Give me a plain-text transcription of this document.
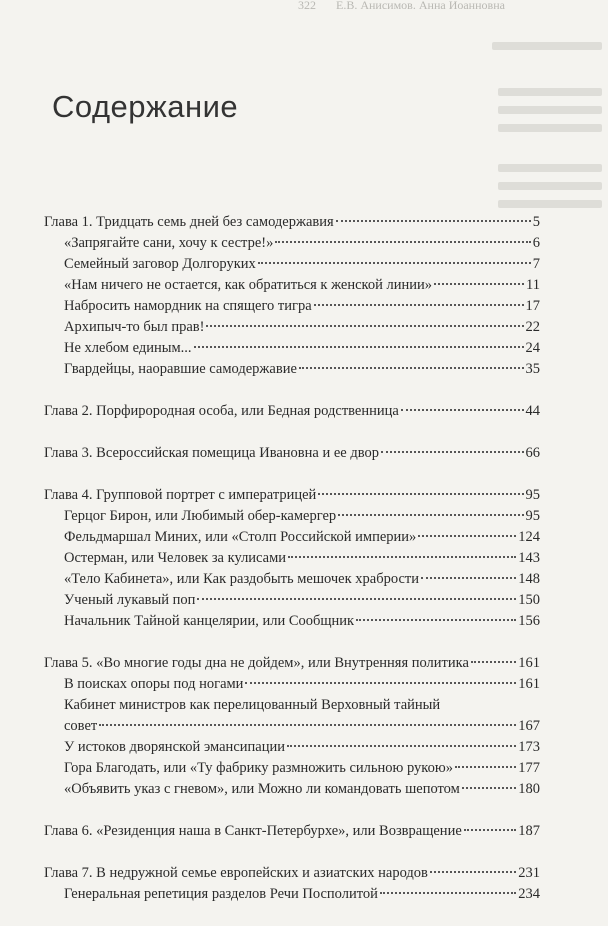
322 Е.В. Анисимов. Анна Иоанновна
Содержание
Глава 1. Тридцать семь дней без самодержавия	5
«Запрягайте сани, хочу к сестре!»	6
Семейный заговор Долгоруких	7
«Нам ничего не остается, как обратиться к женской линии»	11
Набросить намордник на спящего тигра	17
Архипыч-то был прав!	22
Не хлебом единым...	24
Гвардейцы, наоравшие самодержавие	35
Глава 2. Порфирородная особа, или Бедная родственница	44
Глава 3. Всероссийская помещица Ивановна и ее двор	66
Глава 4. Групповой портрет с императрицей	95
Герцог Бирон, или Любимый обер-камергер	95
Фельдмаршал Миних, или «Столп Российской империи»	124
Остерман, или Человек за кулисами	143
«Тело Кабинета», или Как раздобыть мешочек храбрости	148
Ученый лукавый поп	150
Начальник Тайной канцелярии, или Сообщник	156
Глава 5. «Во многие годы дна не дойдем», или Внутренняя политика	161
В поисках опоры под ногами	161
Кабинет министров как перелицованный Верховный тайный
совет	167
У истоков дворянской эмансипации	173
Гора Благодать, или «Ту фабрику размножить сильною рукою»	177
«Объявить указ с гневом», или Можно ли командовать шепотом	180
Глава 6. «Резиденция наша в Санкт-Петербурхе», или Возвращение	187
Глава 7. В недружной семье европейских и азиатских народов	231
Генеральная репетиция разделов Речи Посполитой	234
